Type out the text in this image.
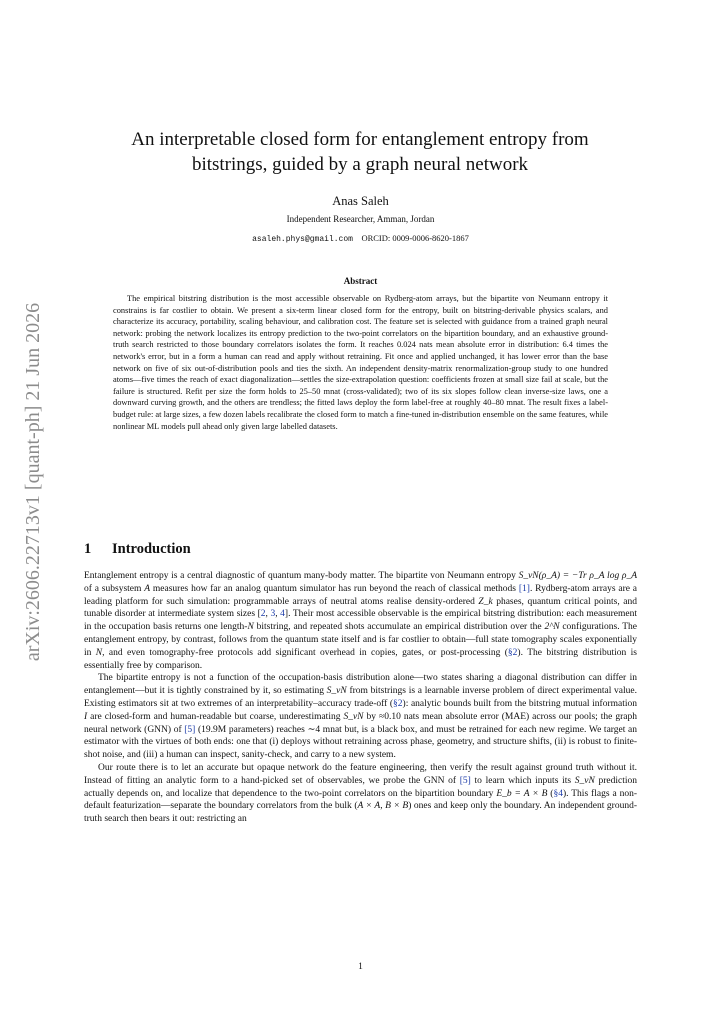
arXiv:2606.22713v1 [quant-ph] 21 Jun 2026
An interpretable closed form for entanglement entropy from bitstrings, guided by a graph neural network
Anas Saleh
Independent Researcher, Amman, Jordan
asaleh.phys@gmail.com ORCID: 0009-0006-8620-1867
Abstract
The empirical bitstring distribution is the most accessible observable on Rydberg-atom arrays, but the bipartite von Neumann entropy it constrains is far costlier to obtain. We present a six-term linear closed form for the entropy, built on bitstring-derivable physics scalars, and characterize its accuracy, portability, scaling behaviour, and calibration cost. The feature set is selected with guidance from a trained graph neural network: probing the network localizes its entropy prediction to the two-point correlators on the bipartition boundary, and an exhaustive ground-truth search restricted to those boundary correlators isolates the form. It reaches 0.024 nats mean absolute error in distribution: 6.4 times the network's error, but in a form a human can read and apply without retraining. Fit once and applied unchanged, it has lower error than the base network on five of six out-of-distribution pools and ties the sixth. An independent density-matrix renormalization-group study to one hundred atoms—five times the reach of exact diagonalization—settles the size-extrapolation question: coefficients frozen at small size fail at scale, but the failure is structured. Refit per size the form holds to 25–50 mnat (cross-validated); two of its six slopes follow clean inverse-size laws, one a downward curving growth, and the others are trendless; the fitted laws deploy the form label-free at roughly 40–80 mnat. The result fixes a label-budget rule: at large sizes, a few dozen labels recalibrate the closed form to match a fine-tuned in-distribution ensemble on the same features, while nonlinear ML models pull ahead only given large labelled datasets.
1 Introduction

Entanglement entropy is a central diagnostic of quantum many-body matter. The bipartite von Neumann entropy S_vN(ρ_A) = −Tr ρ_A log ρ_A of a subsystem A measures how far an analog quantum simulator has run beyond the reach of classical methods [1]. Rydberg-atom arrays are a leading platform for such simulation: programmable arrays of neutral atoms realise density-ordered Z_k phases, quantum critical points, and tunable disorder at intermediate system sizes [2, 3, 4]. Their most accessible observable is the empirical bitstring distribution: each measurement in the occupation basis returns one length-N bitstring, and repeated shots accumulate an empirical distribution over the 2^N configurations. The entanglement entropy, by contrast, follows from the quantum state itself and is far costlier to obtain—full state tomography scales exponentially in N, and even tomography-free protocols add significant overhead in copies, gates, or post-processing (§2). The bitstring distribution is essentially free by comparison.

The bipartite entropy is not a function of the occupation-basis distribution alone—two states sharing a diagonal distribution can differ in entanglement—but it is tightly constrained by it, so estimating S_vN from bitstrings is a learnable inverse problem of direct experimental value. Existing estimators sit at two extremes of an interpretability–accuracy trade-off (§2): analytic bounds built from the bitstring mutual information I are closed-form and human-readable but coarse, underestimating S_vN by ≈0.10 nats mean absolute error (MAE) across our pools; the graph neural network (GNN) of [5] (19.9M parameters) reaches ∼4 mnat but, is a black box, and must be retrained for each new regime. We target an estimator with the virtues of both ends: one that (i) deploys without retraining across phase, geometry, and structure shifts, (ii) is robust to finite-shot noise, and (iii) a human can inspect, sanity-check, and carry to a new system.

Our route there is to let an accurate but opaque network do the feature engineering, then verify the result against ground truth without it. Instead of fitting an analytic form to a hand-picked set of observables, we probe the GNN of [5] to learn which inputs its S_vN prediction actually depends on, and localize that dependence to the two-point correlators on the bipartition boundary E_b = A × B (§4). This flags a non-default featurization—separate the boundary correlators from the bulk (A × A, B × B) ones and keep only the boundary. An independent ground-truth search then bears it out: restricting an

1
